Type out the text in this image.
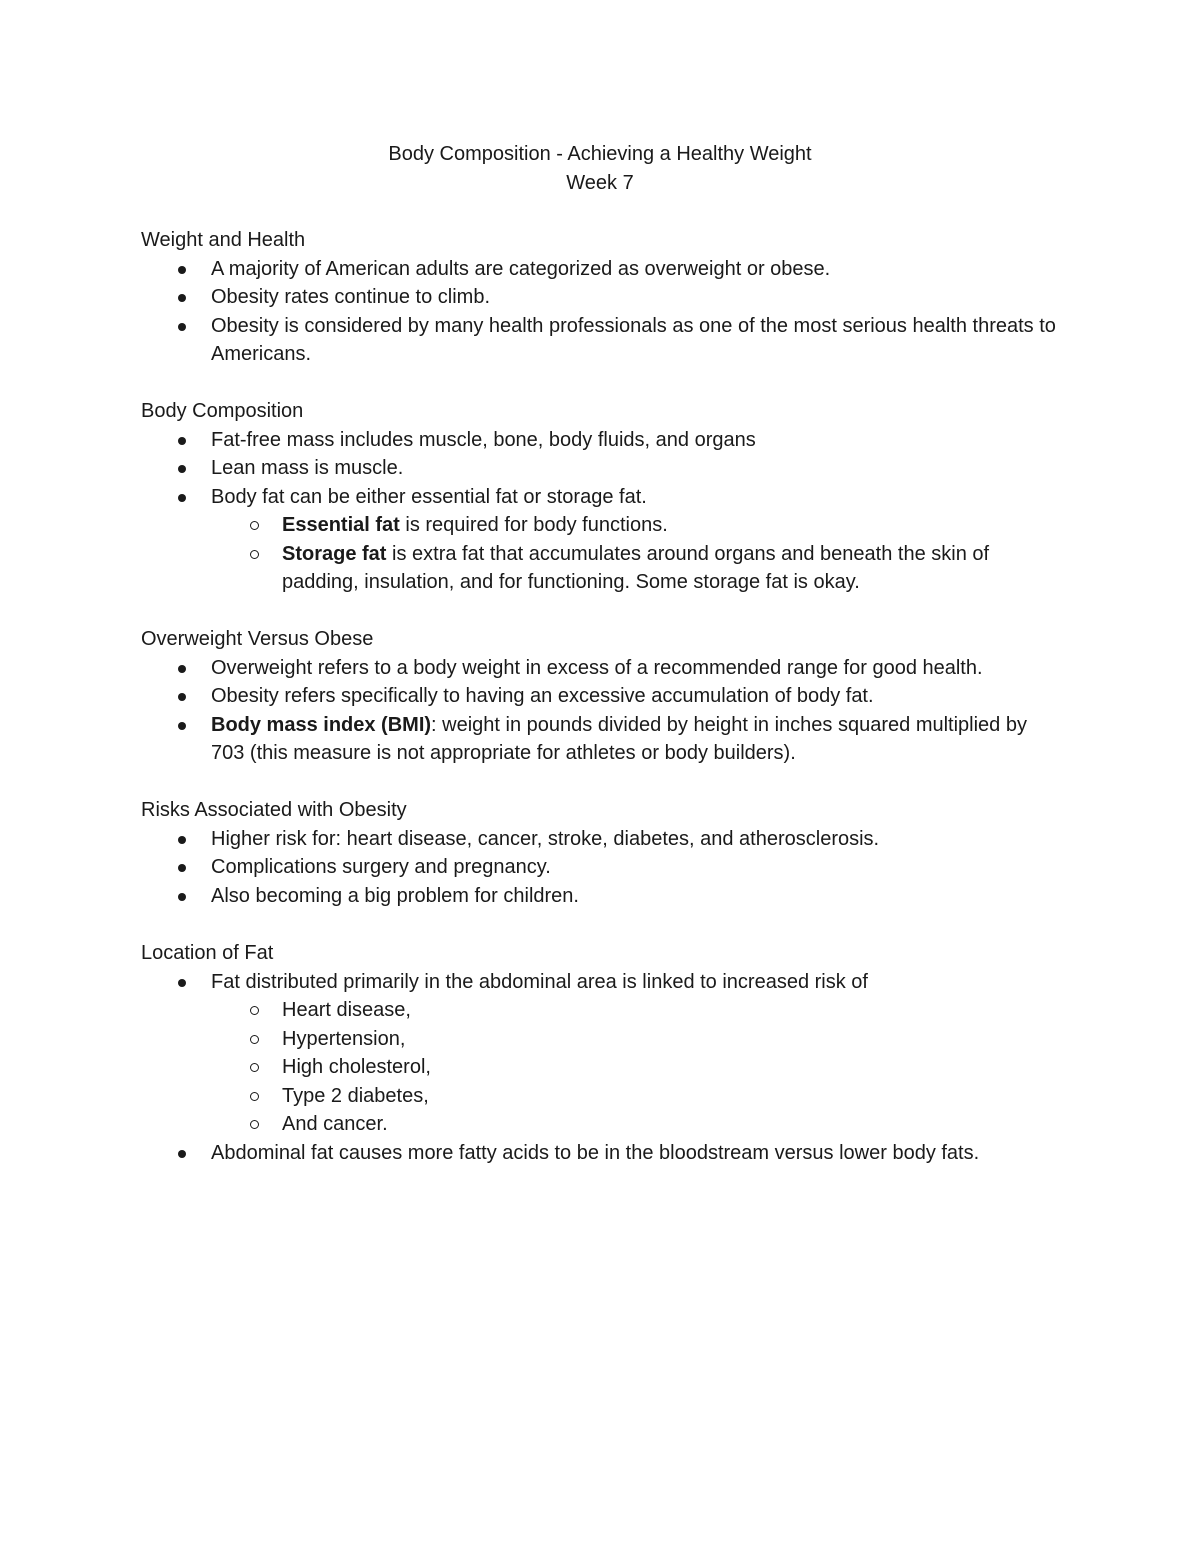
Body Composition - Achieving a Healthy Weight
Week 7
Weight and Health
A majority of American adults are categorized as overweight or obese.
Obesity rates continue to climb.
Obesity is considered by many health professionals as one of the most serious health threats to Americans.
Body Composition
Fat-free mass includes muscle, bone, body fluids, and organs
Lean mass is muscle.
Body fat can be either essential fat or storage fat.
Essential fat is required for body functions.
Storage fat is extra fat that accumulates around organs and beneath the skin of padding, insulation, and for functioning. Some storage fat is okay.
Overweight Versus Obese
Overweight refers to a body weight in excess of a recommended range for good health.
Obesity refers specifically to having an excessive accumulation of body fat.
Body mass index (BMI): weight in pounds divided by height in inches squared multiplied by 703 (this measure is not appropriate for athletes or body builders).
Risks Associated with Obesity
Higher risk for: heart disease, cancer, stroke, diabetes, and atherosclerosis.
Complications surgery and pregnancy.
Also becoming a big problem for children.
Location of Fat
Fat distributed primarily in the abdominal area is linked to increased risk of
Heart disease,
Hypertension,
High cholesterol,
Type 2 diabetes,
And cancer.
Abdominal fat causes more fatty acids to be in the bloodstream versus lower body fats.
